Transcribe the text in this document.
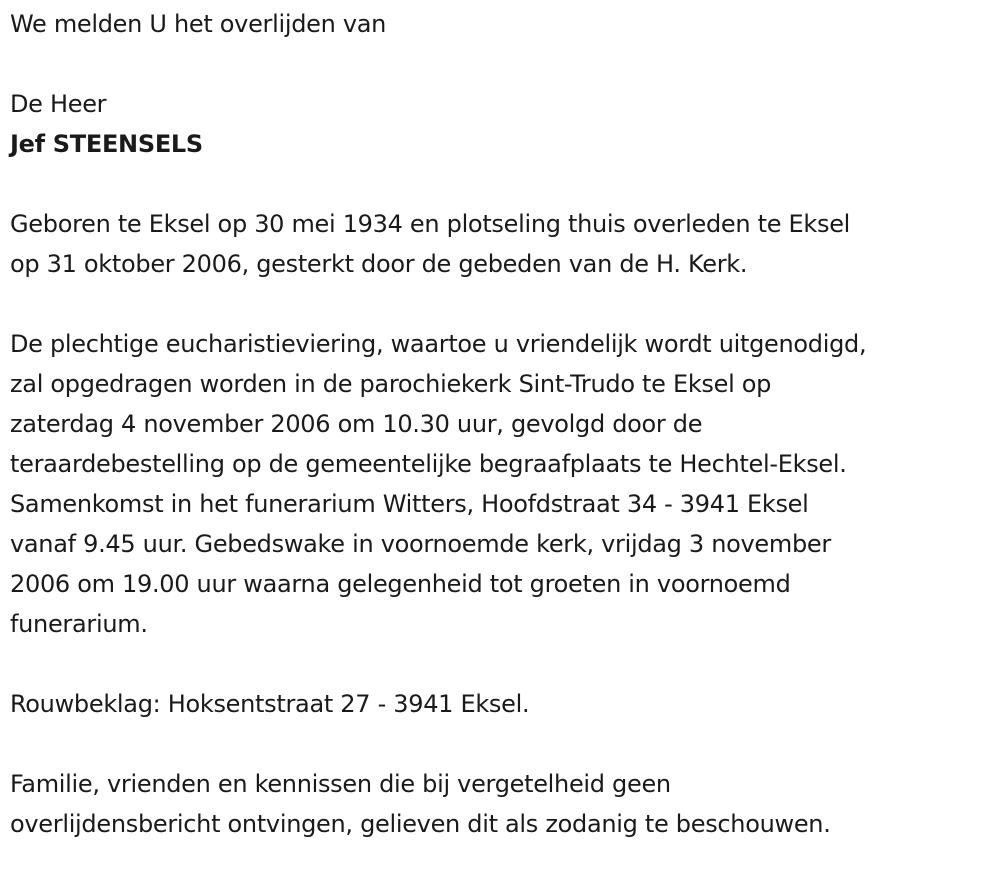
We melden U het overlijden van
De Heer
Jef STEENSELS

Geboren te Eksel op 30 mei 1934 en plotseling thuis overleden te Eksel
op 31 oktober 2006, gesterkt door de gebeden van de H. Kerk.

De plechtige eucharistieviering, waartoe u vriendelijk wordt uitgenodigd,
zal opgedragen worden in de parochiekerk Sint-Trudo te Eksel op
zaterdag 4 november 2006 om 10.30 uur, gevolgd door de
teraardebestelling op de gemeentelijke begraafplaats te Hechtel-Eksel.
Samenkomst in het funerarium Witters, Hoofdstraat 34 - 3941 Eksel
vanaf 9.45 uur. Gebedswake in voornoemde kerk, vrijdag 3 november
2006 om 19.00 uur waarna gelegenheid tot groeten in voornoemd
funerarium.

Rouwbeklag: Hoksentstraat 27 - 3941 Eksel.

Familie, vrienden en kennissen die bij vergetelheid geen
overlijdensbericht ontvingen, gelieven dit als zodanig te beschouwen.
